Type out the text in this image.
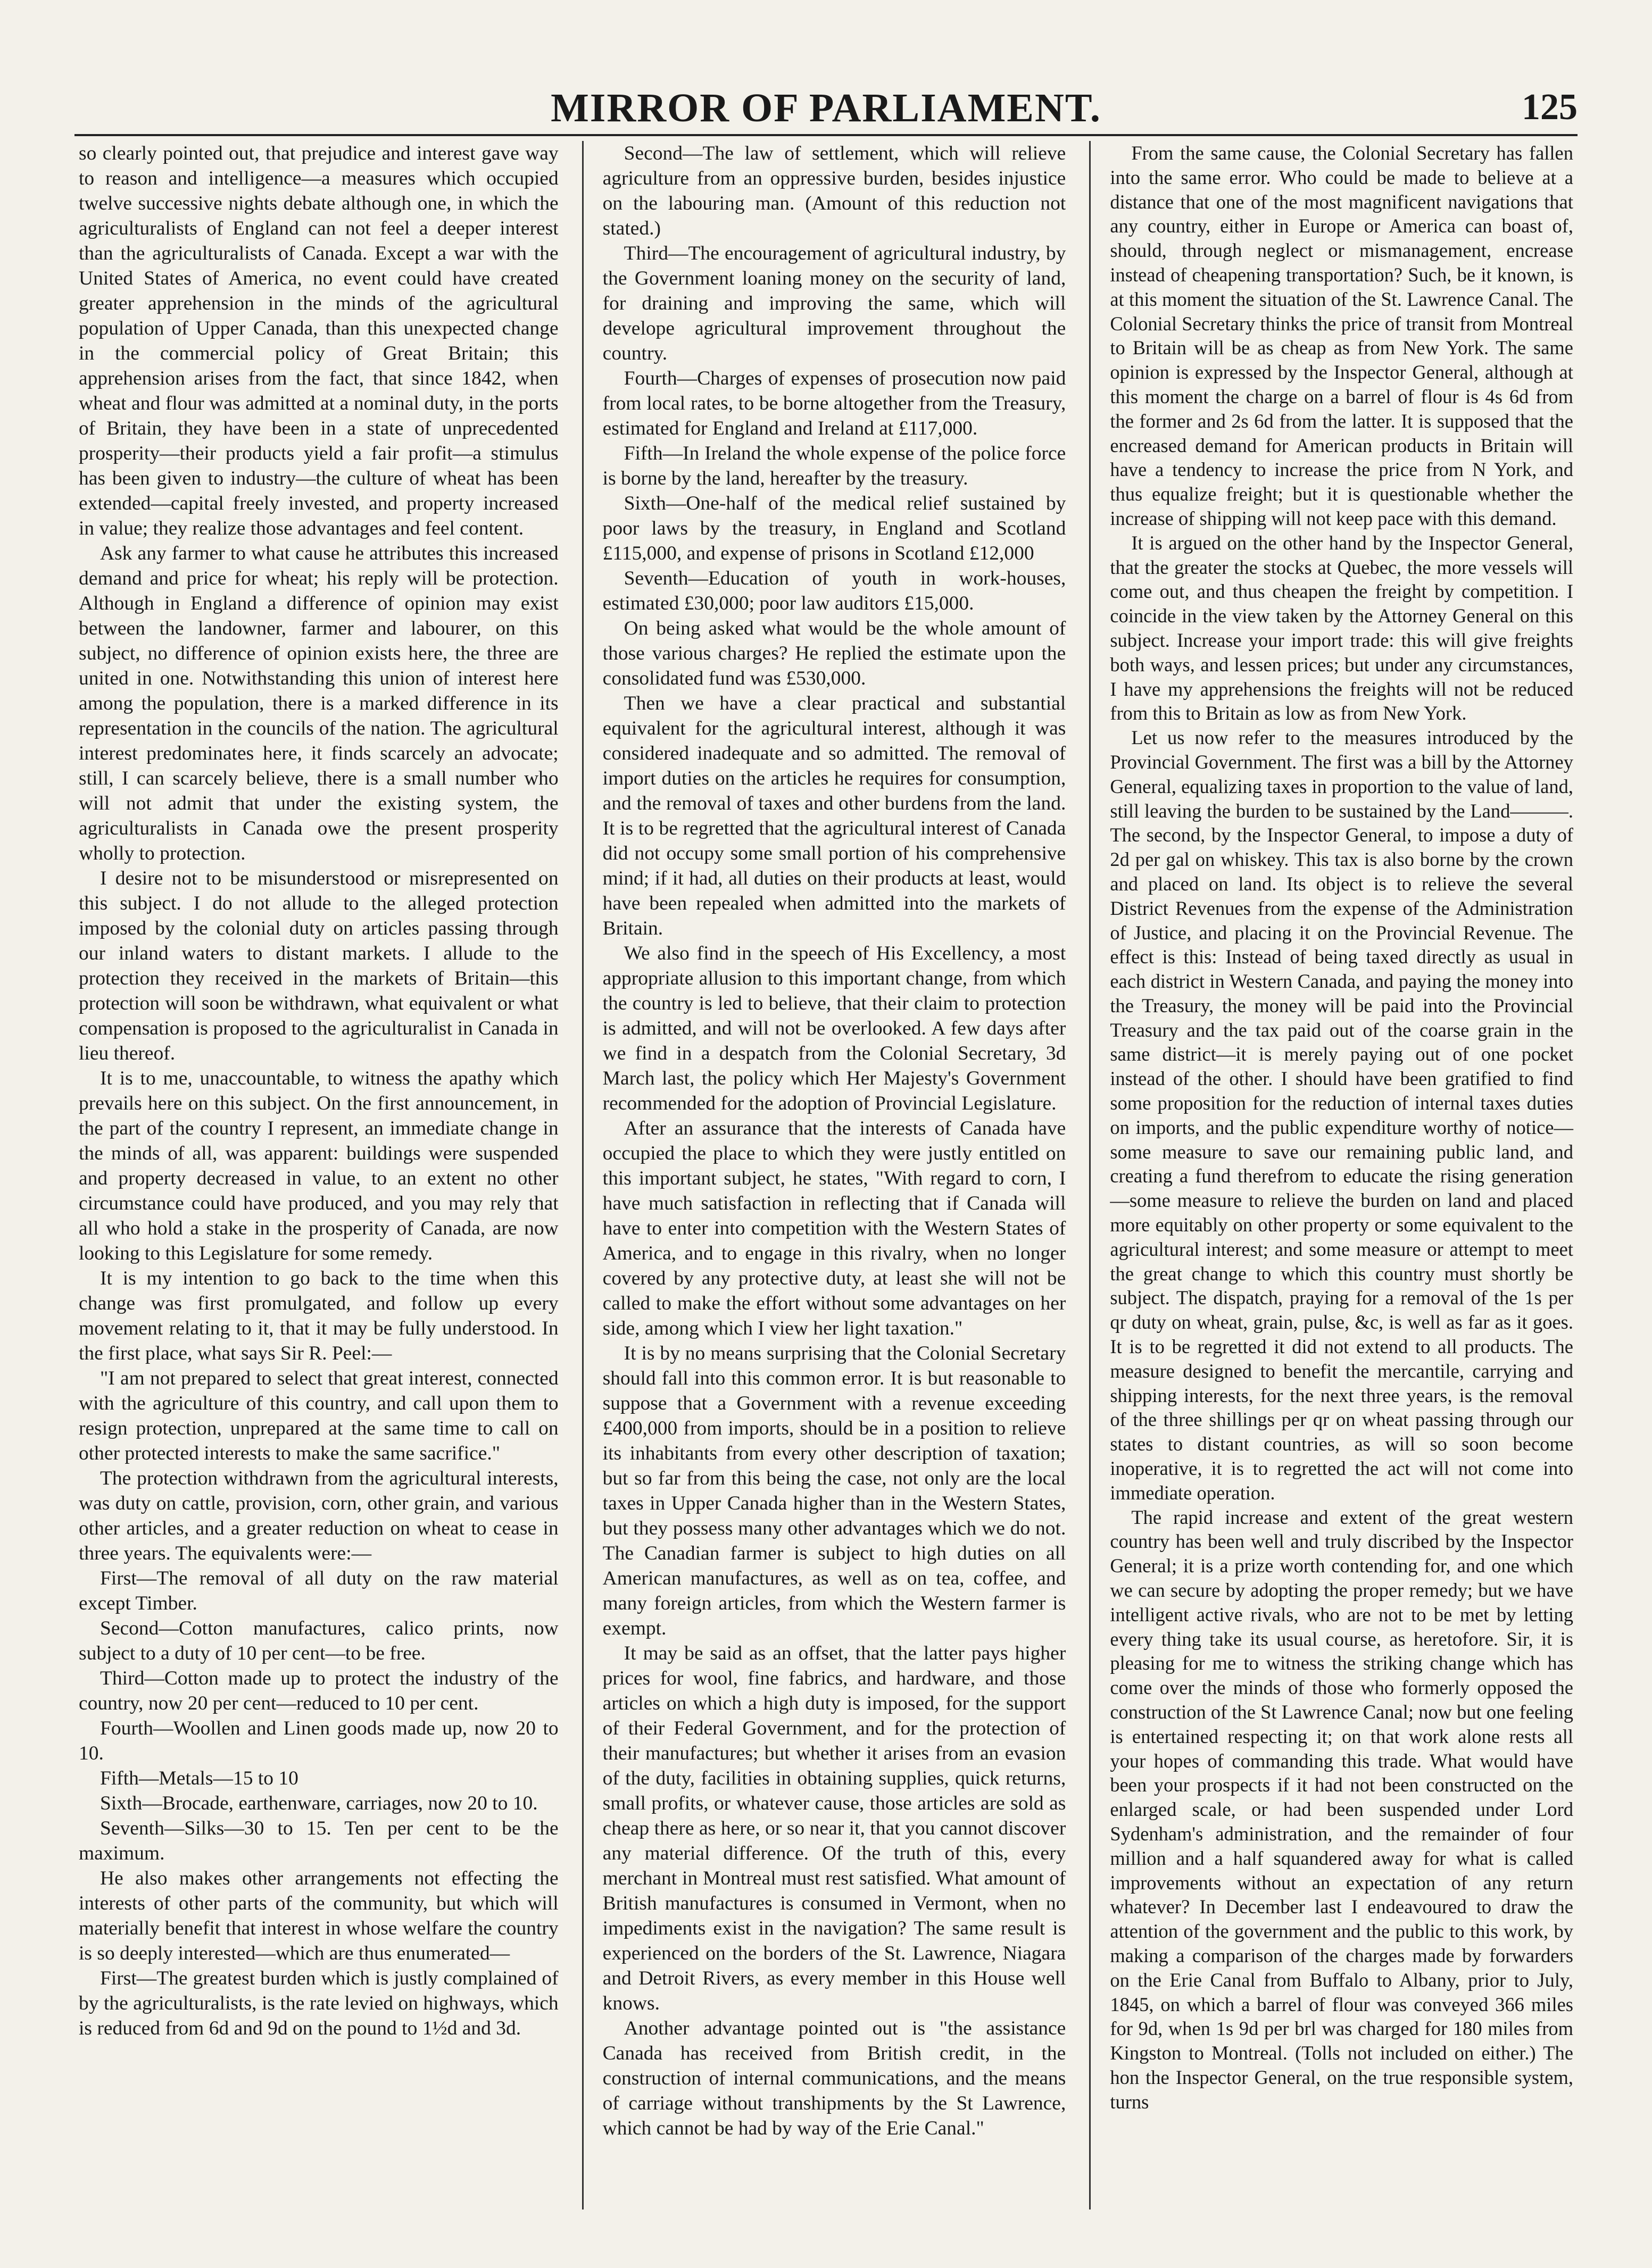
MIRROR OF PARLIAMENT.	125

so clearly pointed out, that prejudice and interest gave way to reason and intelligence—a measures which occupied twelve successive nights debate although one, in which the agriculturalists of England can not feel a deeper interest than the agriculturalists of Canada. Except a war with the United States of America, no event could have created greater apprehension in the minds of the agricultural population of Upper Canada, than this unexpected change in the commercial policy of Great Britain; this apprehension arises from the fact, that since 1842, when wheat and flour was admitted at a nominal duty, in the ports of Britain, they have been in a state of unprecedented prosperity—their products yield a fair profit—a stimulus has been given to industry—the culture of wheat has been extended—capital freely invested, and property increased in value; they realize those advantages and feel content.

Ask any farmer to what cause he attributes this increased demand and price for wheat; his reply will be protection. Although in England a difference of opinion may exist between the landowner, farmer and labourer, on this subject, no difference of opinion exists here, the three are united in one. Notwithstanding this union of interest here among the population, there is a marked difference in its representation in the councils of the nation. The agricultural interest predominates here, it finds scarcely an advocate; still, I can scarcely believe, there is a small number who will not admit that under the existing system, the agriculturalists in Canada owe the present prosperity wholly to protection.

I desire not to be misunderstood or misrepresented on this subject. I do not allude to the alleged protection imposed by the colonial duty on articles passing through our inland waters to distant markets. I allude to the protection they received in the markets of Britain—this protection will soon be withdrawn, what equivalent or what compensation is proposed to the agriculturalist in Canada in lieu thereof.

It is to me, unaccountable, to witness the apathy which prevails here on this subject. On the first announcement, in the part of the country I represent, an immediate change in the minds of all, was apparent: buildings were suspended and property decreased in value, to an extent no other circumstance could have produced, and you may rely that all who hold a stake in the prosperity of Canada, are now looking to this Legislature for some remedy.

It is my intention to go back to the time when this change was first promulgated, and follow up every movement relating to it, that it may be fully understood. In the first place, what says Sir R. Peel:—

"I am not prepared to select that great interest, connected with the agriculture of this country, and call upon them to resign protection, unprepared at the same time to call on other protected interests to make the same sacrifice."

The protection withdrawn from the agricultural interests, was duty on cattle, provision, corn, other grain, and various other articles, and a greater reduction on wheat to cease in three years. The equivalents were:—

First—The removal of all duty on the raw material except Timber.

Second—Cotton manufactures, calico prints, now subject to a duty of 10 per cent—to be free.

Third—Cotton made up to protect the industry of the country, now 20 per cent—reduced to 10 per cent.

Fourth—Woollen and Linen goods made up, now 20 to 10.

Fifth—Metals—15 to 10

Sixth—Brocade, earthenware, carriages, now 20 to 10.

Seventh—Silks—30 to 15. Ten per cent to be the maximum.

He also makes other arrangements not effecting the interests of other parts of the community, but which will materially benefit that interest in whose welfare the country is so deeply interested—which are thus enumerated—

First—The greatest burden which is justly complained of by the agriculturalists, is the rate levied on highways, which is reduced from 6d and 9d on the pound to 1½d and 3d.

Second—The law of settlement, which will relieve agriculture from an oppressive burden, besides injustice on the labouring man. (Amount of this reduction not stated.)

Third—The encouragement of agricultural industry, by the Government loaning money on the security of land, for draining and improving the same, which will develope agricultural improvement throughout the country.

Fourth—Charges of expenses of prosecution now paid from local rates, to be borne altogether from the Treasury, estimated for England and Ireland at £117,000.

Fifth—In Ireland the whole expense of the police force is borne by the land, hereafter by the treasury.

Sixth—One-half of the medical relief sustained by poor laws by the treasury, in England and Scotland £115,000, and expense of prisons in Scotland £12,000

Seventh—Education of youth in work-houses, estimated £30,000; poor law auditors £15,000.

On being asked what would be the whole amount of those various charges? He replied the estimate upon the consolidated fund was £530,000.

Then we have a clear practical and substantial equivalent for the agricultural interest, although it was considered inadequate and so admitted. The removal of import duties on the articles he requires for consumption, and the removal of taxes and other burdens from the land. It is to be regretted that the agricultural interest of Canada did not occupy some small portion of his comprehensive mind; if it had, all duties on their products at least, would have been repealed when admitted into the markets of Britain.

We also find in the speech of His Excellency, a most appropriate allusion to this important change, from which the country is led to believe, that their claim to protection is admitted, and will not be overlooked. A few days after we find in a despatch from the Colonial Secretary, 3d March last, the policy which Her Majesty's Government recommended for the adoption of Provincial Legislature.

After an assurance that the interests of Canada have occupied the place to which they were justly entitled on this important subject, he states, "With regard to corn, I have much satisfaction in reflecting that if Canada will have to enter into competition with the Western States of America, and to engage in this rivalry, when no longer covered by any protective duty, at least she will not be called to make the effort without some advantages on her side, among which I view her light taxation."

It is by no means surprising that the Colonial Secretary should fall into this common error. It is but reasonable to suppose that a Government with a revenue exceeding £400,000 from imports, should be in a position to relieve its inhabitants from every other description of taxation; but so far from this being the case, not only are the local taxes in Upper Canada higher than in the Western States, but they possess many other advantages which we do not. The Canadian farmer is subject to high duties on all American manufactures, as well as on tea, coffee, and many foreign articles, from which the Western farmer is exempt.

It may be said as an offset, that the latter pays higher prices for wool, fine fabrics, and hardware, and those articles on which a high duty is imposed, for the support of their Federal Government, and for the protection of their manufactures; but whether it arises from an evasion of the duty, facilities in obtaining supplies, quick returns, small profits, or whatever cause, those articles are sold as cheap there as here, or so near it, that you cannot discover any material difference. Of the truth of this, every merchant in Montreal must rest satisfied. What amount of British manufactures is consumed in Vermont, when no impediments exist in the navigation? The same result is experienced on the borders of the St. Lawrence, Niagara and Detroit Rivers, as every member in this House well knows.

Another advantage pointed out is "the assistance Canada has received from British credit, in the construction of internal communications, and the means of carriage without transhipments by the St Lawrence, which cannot be had by way of the Erie Canal."

From the same cause, the Colonial Secretary has fallen into the same error. Who could be made to believe at a distance that one of the most magnificent navigations that any country, either in Europe or America can boast of, should, through neglect or mismanagement, encrease instead of cheapening transportation? Such, be it known, is at this moment the situation of the St. Lawrence Canal. The Colonial Secretary thinks the price of transit from Montreal to Britain will be as cheap as from New York. The same opinion is expressed by the Inspector General, although at this moment the charge on a barrel of flour is 4s 6d from the former and 2s 6d from the latter. It is supposed that the encreased demand for American products in Britain will have a tendency to increase the price from N York, and thus equalize freight; but it is questionable whether the increase of shipping will not keep pace with this demand.

It is argued on the other hand by the Inspector General, that the greater the stocks at Quebec, the more vessels will come out, and thus cheapen the freight by competition. I coincide in the view taken by the Attorney General on this subject. Increase your import trade: this will give freights both ways, and lessen prices; but under any circumstances, I have my apprehensions the freights will not be reduced from this to Britain as low as from New York.

Let us now refer to the measures introduced by the Provincial Government. The first was a bill by the Attorney General, equalizing taxes in proportion to the value of land, still leaving the burden to be sustained by the Land———. The second, by the Inspector General, to impose a duty of 2d per gal on whiskey. This tax is also borne by the crown and placed on land. Its object is to relieve the several District Revenues from the expense of the Administration of Justice, and placing it on the Provincial Revenue. The effect is this: Instead of being taxed directly as usual in each district in Western Canada, and paying the money into the Treasury, the money will be paid into the Provincial Treasury and the tax paid out of the coarse grain in the same district—it is merely paying out of one pocket instead of the other. I should have been gratified to find some proposition for the reduction of internal taxes duties on imports, and the public expenditure worthy of notice—some measure to save our remaining public land, and creating a fund therefrom to educate the rising generation—some measure to relieve the burden on land and placed more equitably on other property or some equivalent to the agricultural interest; and some measure or attempt to meet the great change to which this country must shortly be subject. The dispatch, praying for a removal of the 1s per qr duty on wheat, grain, pulse, &c, is well as far as it goes. It is to be regretted it did not extend to all products. The measure designed to benefit the mercantile, carrying and shipping interests, for the next three years, is the removal of the three shillings per qr on wheat passing through our states to distant countries, as will so soon become inoperative, it is to regretted the act will not come into immediate operation.

The rapid increase and extent of the great western country has been well and truly discribed by the Inspector General; it is a prize worth contending for, and one which we can secure by adopting the proper remedy; but we have intelligent active rivals, who are not to be met by letting every thing take its usual course, as heretofore. Sir, it is pleasing for me to witness the striking change which has come over the minds of those who formerly opposed the construction of the St Lawrence Canal; now but one feeling is entertained respecting it; on that work alone rests all your hopes of commanding this trade. What would have been your prospects if it had not been constructed on the enlarged scale, or had been suspended under Lord Sydenham's administration, and the remainder of four million and a half squandered away for what is called improvements without an expectation of any return whatever? In December last I endeavoured to draw the attention of the government and the public to this work, by making a comparison of the charges made by forwarders on the Erie Canal from Buffalo to Albany, prior to July, 1845, on which a barrel of flour was conveyed 366 miles for 9d, when 1s 9d per brl was charged for 180 miles from Kingston to Montreal. (Tolls not included on either.) The hon the Inspector General, on the true responsible system, turns
